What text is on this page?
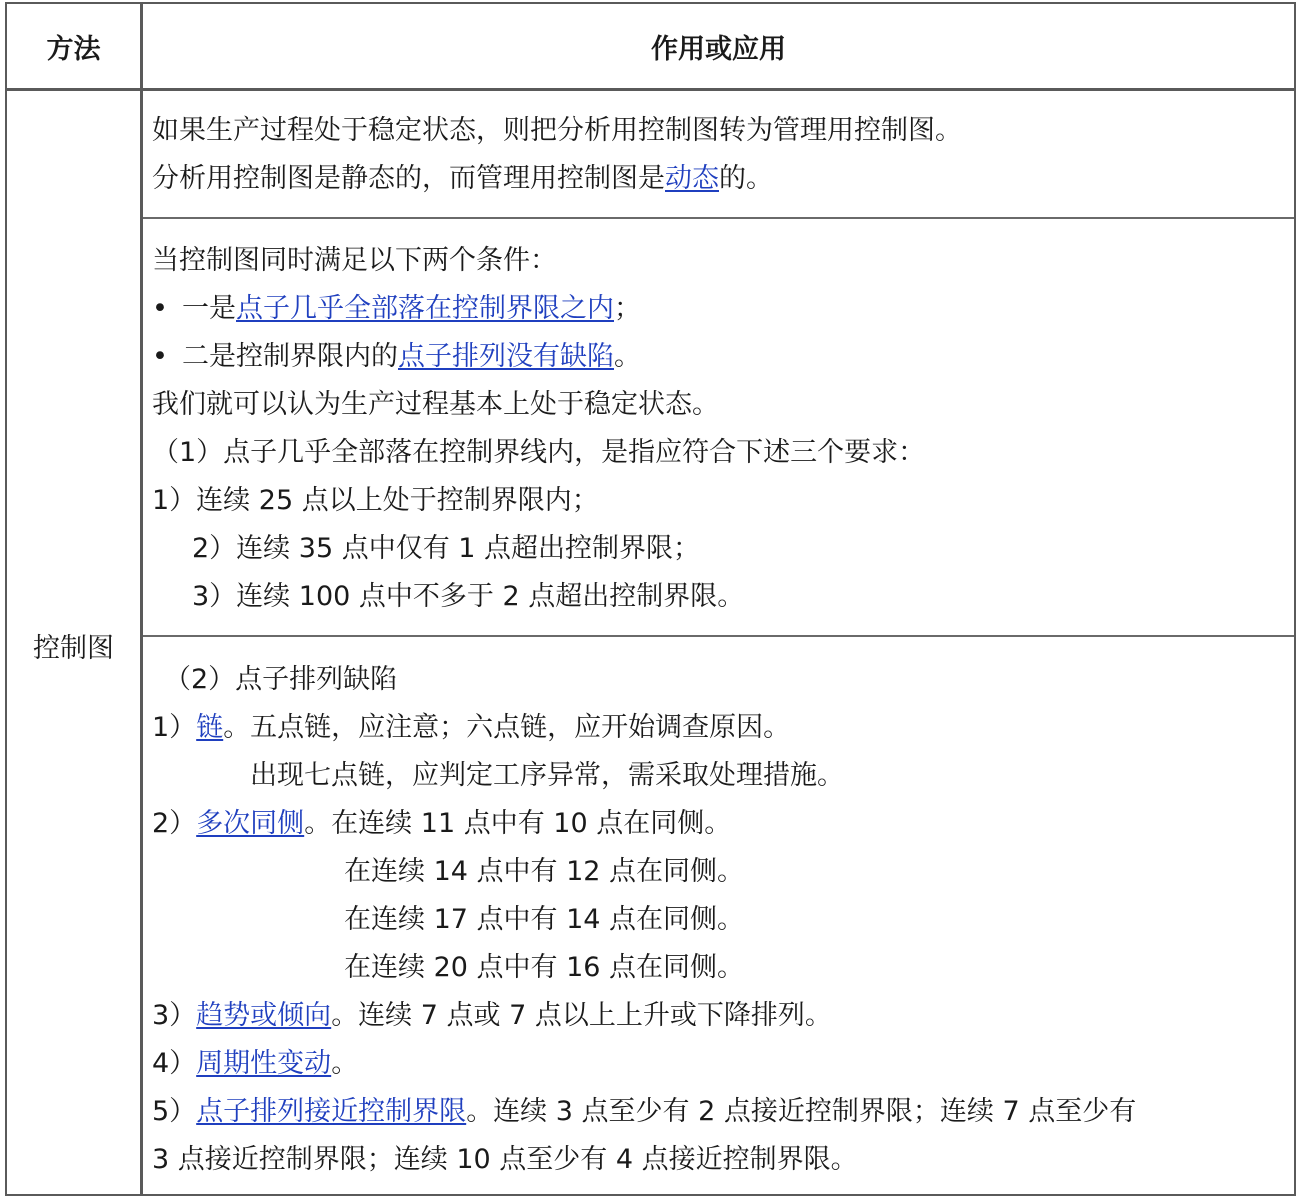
方法	作用或应用
控制图
如果生产过程处于稳定状态，则把分析用控制图转为管理用控制图。
分析用控制图是静态的，而管理用控制图是动态的。
当控制图同时满足以下两个条件：
• 一是点子几乎全部落在控制界限之内；
• 二是控制界限内的点子排列没有缺陷。
我们就可以认为生产过程基本上处于稳定状态。
（1）点子几乎全部落在控制界线内，是指应符合下述三个要求：
1）连续 25 点以上处于控制界限内；
2）连续 35 点中仅有 1 点超出控制界限；
3）连续 100 点中不多于 2 点超出控制界限。
（2）点子排列缺陷
1）链。五点链，应注意；六点链，应开始调查原因。
出现七点链，应判定工序异常，需采取处理措施。
2）多次同侧。在连续 11 点中有 10 点在同侧。
在连续 14 点中有 12 点在同侧。
在连续 17 点中有 14 点在同侧。
在连续 20 点中有 16 点在同侧。
3）趋势或倾向。连续 7 点或 7 点以上上升或下降排列。
4）周期性变动。
5）点子排列接近控制界限。连续 3 点至少有 2 点接近控制界限；连续 7 点至少有
3 点接近控制界限；连续 10 点至少有 4 点接近控制界限。
